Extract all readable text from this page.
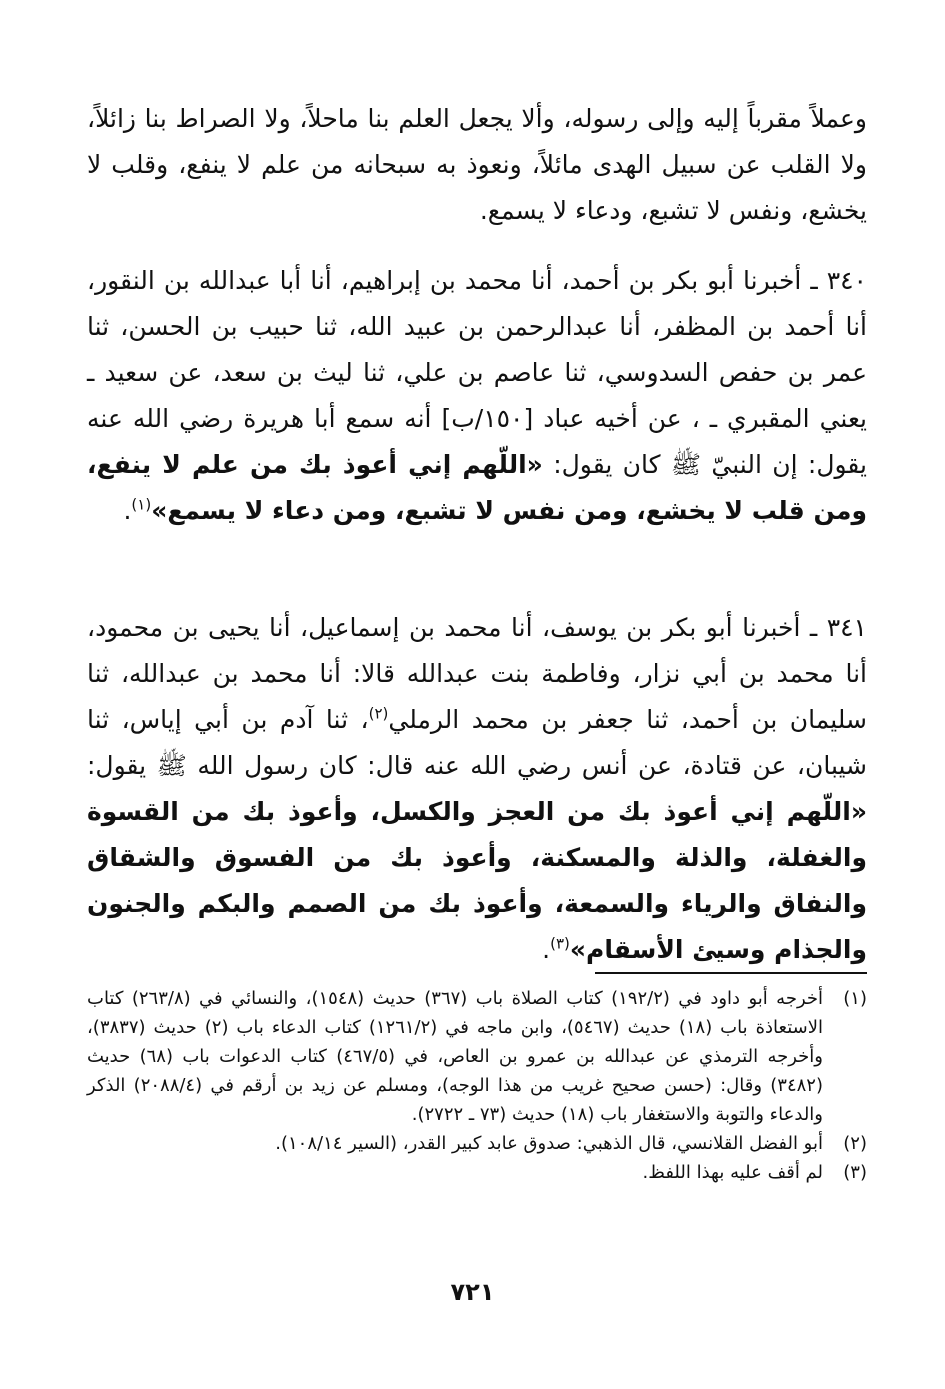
وعملاً مقرباً إليه وإلى رسوله، وألا يجعل العلم بنا ماحلاً، ولا الصراط بنا زائلاً، ولا القلب عن سبيل الهدى مائلاً، ونعوذ به سبحانه من علم لا ينفع، وقلب لا يخشع، ونفس لا تشبع، ودعاء لا يسمع.

٣٤٠ ـ أخبرنا أبو بكر بن أحمد، أنا محمد بن إبراهيم، أنا أبا عبدالله بن النقور، أنا أحمد بن المظفر، أنا عبدالرحمن بن عبيد الله، ثنا حبيب بن الحسن، ثنا عمر بن حفص السدوسي، ثنا عاصم بن علي، ثنا ليث بن سعد، عن سعيد ـ يعني المقبري ـ ، عن أخيه عباد [١٥٠/ب] أنه سمع أبا هريرة رضي الله عنه يقول: إن النبيّ ﷺ كان يقول: «اللّهم إني أعوذ بك من علم لا ينفع، ومن قلب لا يخشع، ومن نفس لا تشبع، ومن دعاء لا يسمع»$^{(١)}$.

٣٤١ ـ أخبرنا أبو بكر بن يوسف، أنا محمد بن إسماعيل، أنا يحيى بن محمود، أنا محمد بن أبي نزار، وفاطمة بنت عبدالله قالا: أنا محمد بن عبدالله، ثنا سليمان بن أحمد، ثنا جعفر بن محمد الرملي$^{(٢)}$، ثنا آدم بن أبي إياس، ثنا شيبان، عن قتادة، عن أنس رضي الله عنه قال: كان رسول الله ﷺ يقول: «اللّهم إني أعوذ بك من العجز والكسل، وأعوذ بك من القسوة والغفلة، والذلة والمسكنة، وأعوذ بك من الفسوق والشقاق والنفاق والرياء والسمعة، وأعوذ بك من الصمم والبكم والجنون والجذام وسيئ الأسقام»$^{(٣)}$.

(١)
أخرجه أبو داود في (١٩٢/٢) كتاب الصلاة باب (٣٦٧) حديث (١٥٤٨)، والنسائي في (٢٦٣/٨) كتاب الاستعاذة باب (١٨) حديث (٥٤٦٧)، وابن ماجه في (١٢٦١/٢) كتاب الدعاء باب (٢) حديث (٣٨٣٧)، وأخرجه الترمذي عن عبدالله بن عمرو بن العاص، في (٤٦٧/٥) كتاب الدعوات باب (٦٨) حديث (٣٤٨٢) وقال: (حسن صحيح غريب من هذا الوجه)، ومسلم عن زيد بن أرقم في (٢٠٨٨/٤) الذكر والدعاء والتوبة والاستغفار باب (١٨) حديث (٧٣ ـ ٢٧٢٢).

(٢)
أبو الفضل القلانسي، قال الذهبي: صدوق عابد كبير القدر، (السير ١٠٨/١٤).

(٣)
لم أقف عليه بهذا اللفظ.

٧٢١
